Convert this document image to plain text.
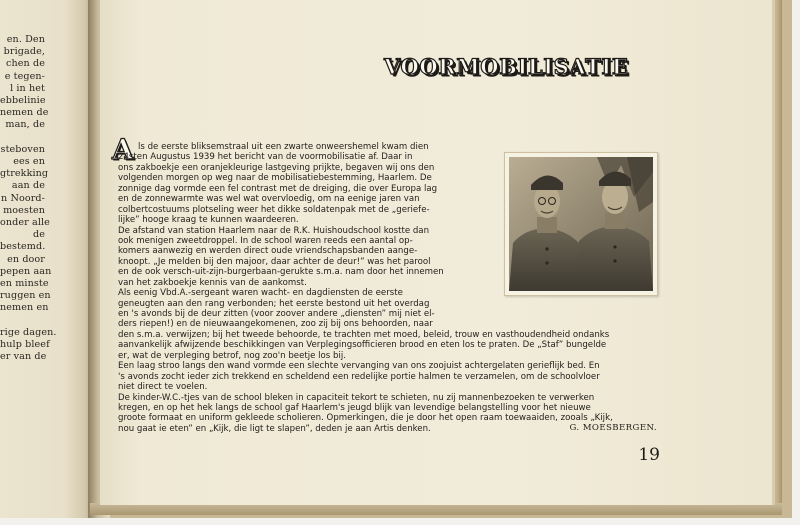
en. Den
brigade,
chen de
e tegen-
l in het
ebbelinie
nemen de
man, de
steboven
ees en
gtrekking
aan de
n Noord-
moesten
onder alle
de
bestemd.
en door
pepen aan
en minste
ruggen en
nemen en
rige dagen.
hulp bleef
er van de
VOORMOBILISATIE
A ls de eerste bliksemstraal uit een zwarte onweershemel kwam dien
24sten Augustus 1939 het bericht van de voormobilisatie af. Daar in
ons zakboekje een oranjekleurige lastgeving prijkte, begaven wij ons den
volgenden morgen op weg naar de mobilisatiebestemming, Haarlem. De
zonnige dag vormde een fel contrast met de dreiging, die over Europa lag
en de zonnewarmte was wel wat overvloedig, om na eenige jaren van
colbertcostuums plotseling weer het dikke soldatenpak met de „geriefe-
lijke” hooge kraag te kunnen waardeeren.
De afstand van station Haarlem naar de R.K. Huishoudschool kostte dan
ook menigen zweetdroppel. In de school waren reeds een aantal op-
komers aanwezig en werden direct oude vriendschapsbanden aange-
knoopt. „Je melden bij den majoor, daar achter de deur!” was het parool
en de ook versch-uit-zijn-burgerbaan-gerukte s.m.a. nam door het innemen
van het zakboekje kennis van de aankomst.
Als eenig Vbd.A.-sergeant waren wacht- en dagdiensten de eerste
geneugten aan den rang verbonden; het eerste bestond uit het overdag
en 's avonds bij de deur zitten (voor zoover andere „diensten” mij niet el-
ders riepen!) en de nieuwaangekomenen, zoo zij bij ons behoorden, naar
den s.m.a. verwijzen; bij het tweede behoorde, te trachten met moed, beleid, trouw en vasthoudendheid ondanks
aanvankelijk afwijzende beschikkingen van Verplegingsofficieren brood en eten los te praten. De „Staf” bungelde
er, wat de verpleging betrof, nog zoo'n beetje los bij.
Een laag stroo langs den wand vormde een slechte vervanging van ons zoojuist achtergelaten gerieflijk bed. En
's avonds zocht ieder zich trekkend en scheldend een redelijke portie halmen te verzamelen, om de schoolvloer
niet direct te voelen.
De kinder-W.C.-tjes van de school bleken in capaciteit tekort te schieten, nu zij mannenbezoeken te verwerken
kregen, en op het hek langs de school gaf Haarlem's jeugd blijk van levendige belangstelling voor het nieuwe
groote formaat en uniform gekleede scholieren. Opmerkingen, die je door het open raam toewaaiden, zooals „Kijk,
nou gaat ie eten” en „Kijk, die ligt te slapen”, deden je aan Artis denken.	G. MOESBERGEN.
19
